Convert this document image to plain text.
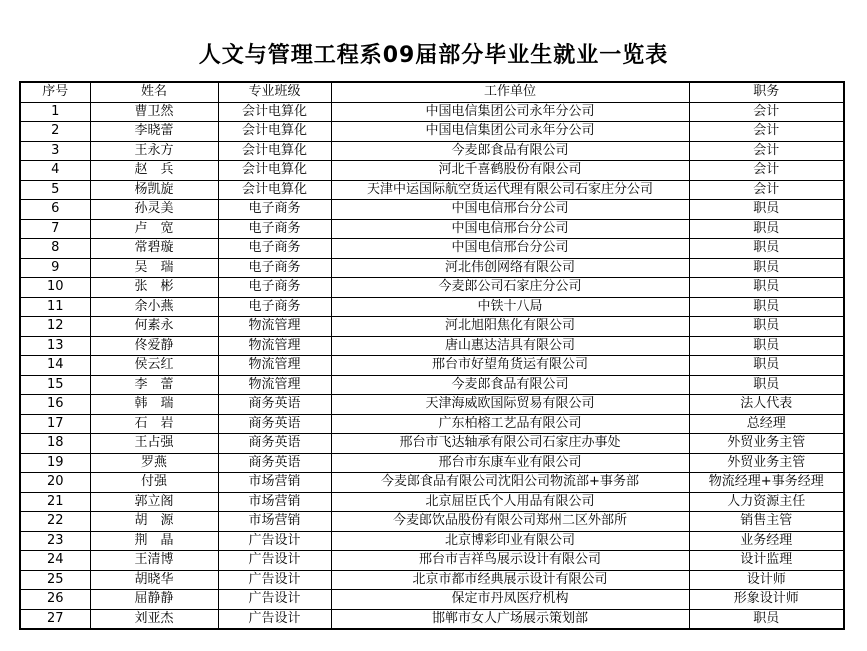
人文与管理工程系09届部分毕业生就业一览表
序号	姓名	专业班级	工作单位	职务
1	曹卫然	会计电算化	中国电信集团公司永年分公司	会计
2	李晓蕾	会计电算化	中国电信集团公司永年分公司	会计
3	王永方	会计电算化	今麦郎食品有限公司	会计
4	赵　兵	会计电算化	河北千喜鹤股份有限公司	会计
5	杨凯旋	会计电算化	天津中运国际航空货运代理有限公司石家庄分公司	会计
6	孙灵美	电子商务	中国电信邢台分公司	职员
7	卢　宽	电子商务	中国电信邢台分公司	职员
8	常碧璇	电子商务	中国电信邢台分公司	职员
9	吴　瑞	电子商务	河北伟创网络有限公司	职员
10	张　彬	电子商务	今麦郎公司石家庄分公司	职员
11	余小燕	电子商务	中铁十八局	职员
12	何素永	物流管理	河北旭阳焦化有限公司	职员
13	佟爱静	物流管理	唐山惠达洁具有限公司	职员
14	侯云红	物流管理	邢台市好望角货运有限公司	职员
15	李　蕾	物流管理	今麦郎食品有限公司	职员
16	韩　瑞	商务英语	天津海威欧国际贸易有限公司	法人代表
17	石　岩	商务英语	广东柏榕工艺品有限公司	总经理
18	王占强	商务英语	邢台市飞达轴承有限公司石家庄办事处	外贸业务主管
19	罗燕	商务英语	邢台市东康车业有限公司	外贸业务主管
20	付强	市场营销	今麦郎食品有限公司沈阳公司物流部+事务部	物流经理+事务经理
21	郭立阁	市场营销	北京屈臣氏个人用品有限公司	人力资源主任
22	胡　源	市场营销	今麦郎饮品股份有限公司郑州二区外部所	销售主管
23	荆　晶	广告设计	北京博彩印业有限公司	业务经理
24	王清博	广告设计	邢台市吉祥鸟展示设计有限公司	设计监理
25	胡晓华	广告设计	北京市都市经典展示设计有限公司	设计师
26	屈静静	广告设计	保定市丹凤医疗机构	形象设计师
27	刘亚杰	广告设计	邯郸市女人广场展示策划部	职员
